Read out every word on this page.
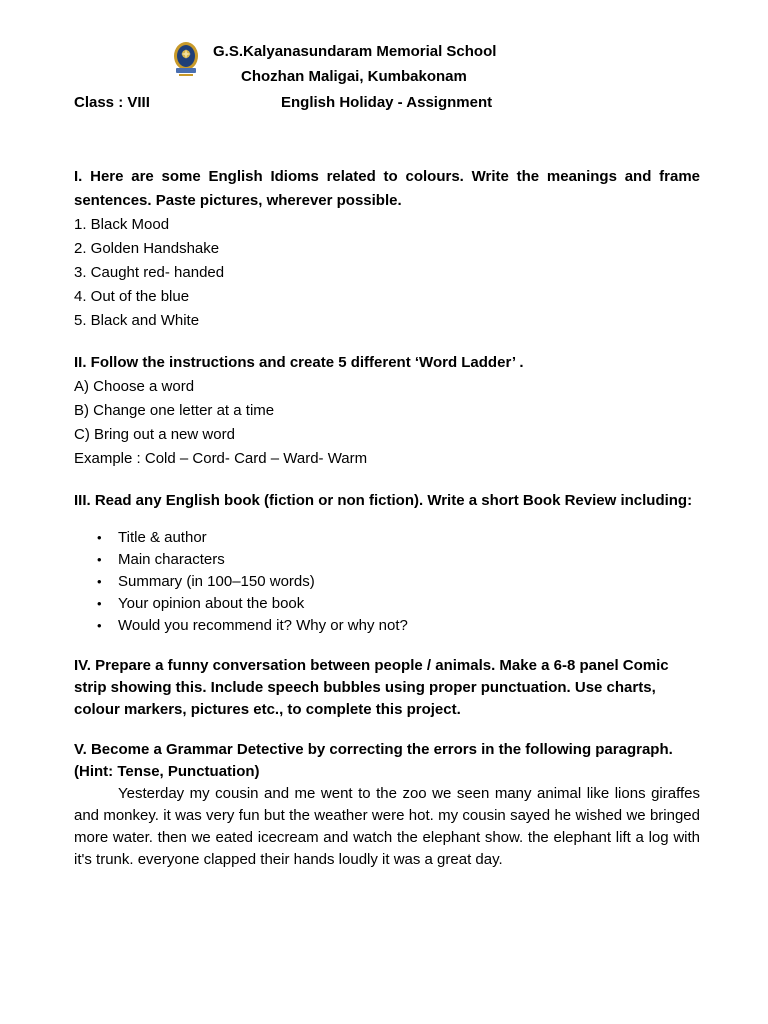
G.S.Kalyanasundaram Memorial School
Chozhan Maligai, Kumbakonam
Class : VIII	English Holiday - Assignment
I. Here are some English Idioms related to colours. Write the meanings and frame sentences. Paste pictures, wherever possible.
1. Black Mood
2. Golden Handshake
3. Caught red- handed
4. Out of the blue
5. Black and White
II. Follow the instructions and create 5 different ‘Word Ladder’ .
A) Choose a word
B) Change one letter at a time
C) Bring out a new word
Example : Cold – Cord- Card – Ward- Warm
III. Read any English book (fiction or non fiction). Write a short Book Review including:
• Title & author
• Main characters
• Summary (in 100–150 words)
• Your opinion about the book
• Would you recommend it? Why or why not?
IV. Prepare a funny conversation between people / animals. Make a 6-8 panel Comic strip showing this. Include speech bubbles using proper punctuation. Use charts, colour markers, pictures etc., to complete this project.
V. Become a Grammar Detective by correcting the errors in the following paragraph.
(Hint: Tense, Punctuation)
Yesterday my cousin and me went to the zoo we seen many animal like lions giraffes and monkey. it was very fun but the weather were hot. my cousin sayed he wished we bringed more water. then we eated icecream and watch the elephant show. the elephant lift a log with it's trunk. everyone clapped their hands loudly it was a great day.
